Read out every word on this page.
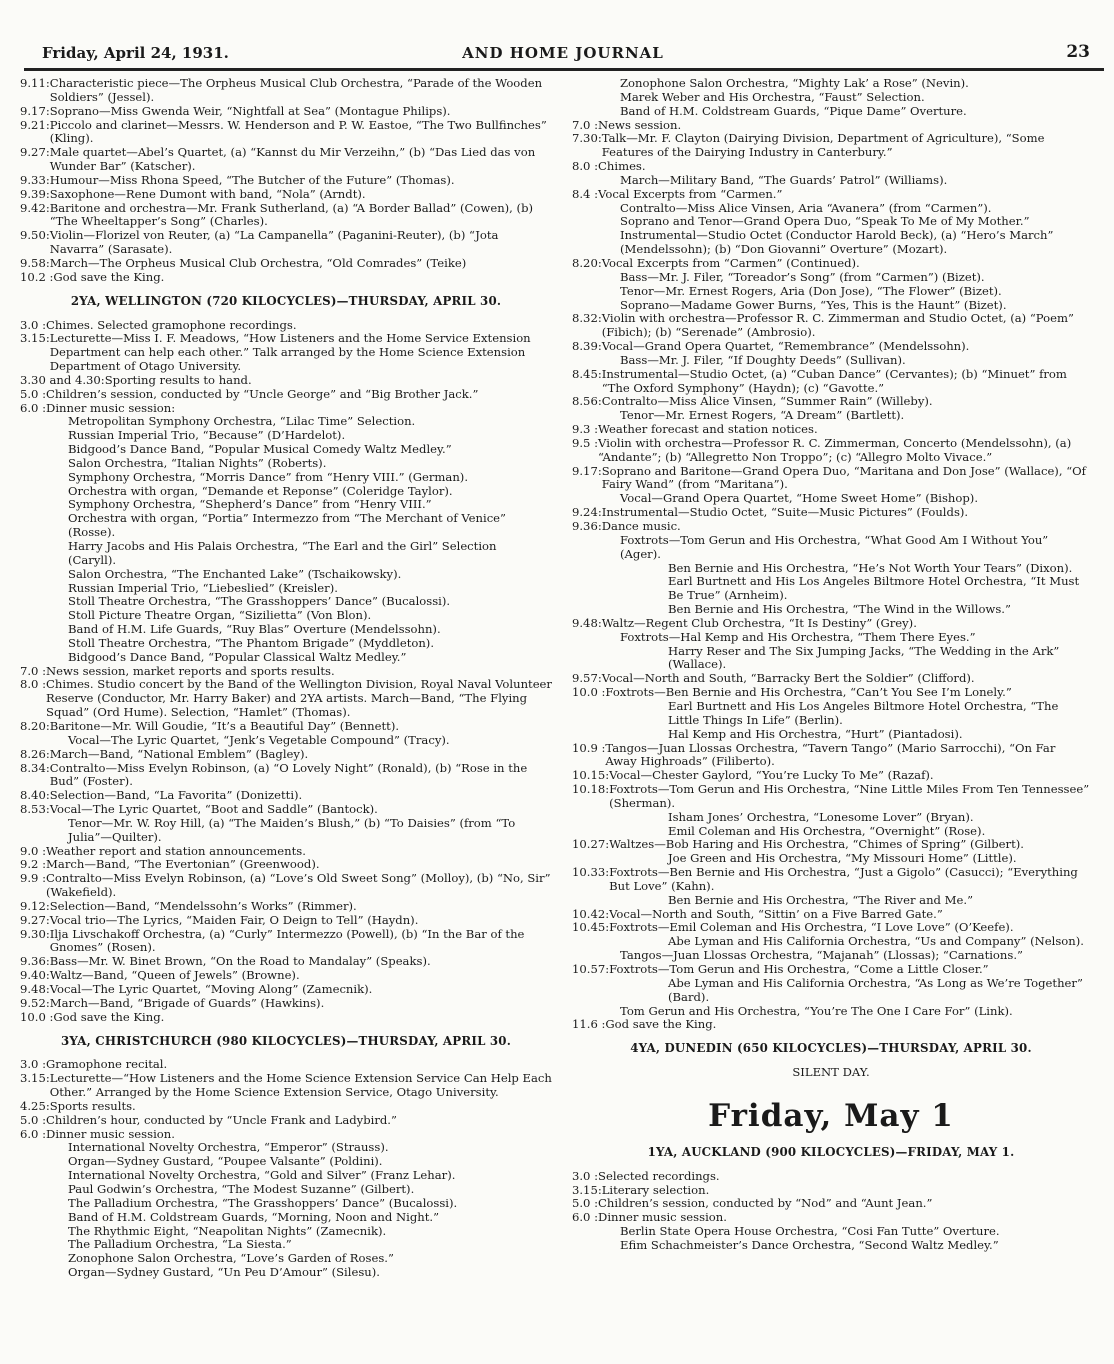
Friday, April 24, 1931.	AND HOME JOURNAL	23
9.11: Characteristic piece—The Orpheus Musical Club Orchestra, “Parade of the Wooden Soldiers” (Jessel).
9.17: Soprano—Miss Gwenda Weir, “Nightfall at Sea” (Montague Philips).
9.21: Piccolo and clarinet—Messrs. W. Henderson and P. W. Eastoe, “The Two Bullfinches” (Kling).
9.27: Male quartet—Abel’s Quartet, (a) “Kannst du Mir Verzeihn,” (b) “Das Lied das von Wunder Bar” (Katscher).
9.33: Humour—Miss Rhona Speed, “The Butcher of the Future” (Thomas).
9.39: Saxophone—Rene Dumont with band, “Nola” (Arndt).
9.42: Baritone and orchestra—Mr. Frank Sutherland, (a) “A Border Ballad” (Cowen), (b) “The Wheeltapper’s Song” (Charles).
9.50: Violin—Florizel von Reuter, (a) “La Campanella” (Paganini-Reuter), (b) “Jota Navarra” (Sarasate).
9.58: March—The Orpheus Musical Club Orchestra, “Old Comrades” (Teike)
10.2 : God save the King.
2YA, WELLINGTON (720 KILOCYCLES)—THURSDAY, APRIL 30.
3.0 : Chimes. Selected gramophone recordings.
3.15: Lecturette—Miss I. F. Meadows, “How Listeners and the Home Service Extension Department can help each other.” Talk arranged by the Home Science Extension Department of Otago University.
3.30 and 4.30: Sporting results to hand.
5.0 : Children’s session, conducted by “Uncle George” and “Big Brother Jack.”
6.0 : Dinner music session:
Metropolitan Symphony Orchestra, “Lilac Time” Selection.
Russian Imperial Trio, “Because” (D’Hardelot).
Bidgood’s Dance Band, “Popular Musical Comedy Waltz Medley.”
Salon Orchestra, “Italian Nights” (Roberts).
Symphony Orchestra, “Morris Dance” from “Henry VIII.” (German).
Orchestra with organ, “Demande et Reponse” (Coleridge Taylor).
Symphony Orchestra, “Shepherd’s Dance” from “Henry VIII.”
Orchestra with organ, “Portia” Intermezzo from “The Merchant of Venice” (Rosse).
Harry Jacobs and His Palais Orchestra, “The Earl and the Girl” Selection (Caryll).
Salon Orchestra, “The Enchanted Lake” (Tschaikowsky).
Russian Imperial Trio, “Liebeslied” (Kreisler).
Stoll Theatre Orchestra, “The Grasshoppers’ Dance” (Bucalossi).
Stoll Picture Theatre Organ, “Sizilietta” (Von Blon).
Band of H.M. Life Guards, “Ruy Blas” Overture (Mendelssohn).
Stoll Theatre Orchestra, “The Phantom Brigade” (Myddleton).
Bidgood’s Dance Band, “Popular Classical Waltz Medley.”
7.0 : News session, market reports and sports results.
8.0 : Chimes. Studio concert by the Band of the Wellington Division, Royal Naval Volunteer Reserve (Conductor, Mr. Harry Baker) and 2YA artists. March—Band, “The Flying Squad” (Ord Hume). Selection, “Hamlet” (Thomas).
8.20: Baritone—Mr. Will Goudie, “It’s a Beautiful Day” (Bennett).
Vocal—The Lyric Quartet, “Jenk’s Vegetable Compound” (Tracy).
8.26: March—Band, “National Emblem” (Bagley).
8.34: Contralto—Miss Evelyn Robinson, (a) “O Lovely Night” (Ronald), (b) “Rose in the Bud” (Foster).
8.40: Selection—Band, “La Favorita” (Donizetti).
8.53: Vocal—The Lyric Quartet, “Boot and Saddle” (Bantock).
Tenor—Mr. W. Roy Hill, (a) “The Maiden’s Blush,” (b) “To Daisies” (from “To Julia”—Quilter).
9.0 : Weather report and station announcements.
9.2 : March—Band, “The Evertonian” (Greenwood).
9.9 : Contralto—Miss Evelyn Robinson, (a) “Love’s Old Sweet Song” (Molloy), (b) “No, Sir” (Wakefield).
9.12: Selection—Band, “Mendelssohn’s Works” (Rimmer).
9.27: Vocal trio—The Lyrics, “Maiden Fair, O Deign to Tell” (Haydn).
9.30: Ilja Livschakoff Orchestra, (a) “Curly” Intermezzo (Powell), (b) “In the Bar of the Gnomes” (Rosen).
9.36: Bass—Mr. W. Binet Brown, “On the Road to Mandalay” (Speaks).
9.40: Waltz—Band, “Queen of Jewels” (Browne).
9.48: Vocal—The Lyric Quartet, “Moving Along” (Zamecnik).
9.52: March—Band, “Brigade of Guards” (Hawkins).
10.0 : God save the King.
3YA, CHRISTCHURCH (980 KILOCYCLES)—THURSDAY, APRIL 30.
3.0 : Gramophone recital.
3.15: Lecturette—“How Listeners and the Home Science Extension Service Can Help Each Other.” Arranged by the Home Science Extension Service, Otago University.
4.25: Sports results.
5.0 : Children’s hour, conducted by “Uncle Frank and Ladybird.”
6.0 : Dinner music session.
International Novelty Orchestra, “Emperor” (Strauss).
Organ—Sydney Gustard, “Poupee Valsante” (Poldini).
International Novelty Orchestra, “Gold and Silver” (Franz Lehar).
Paul Godwin’s Orchestra, “The Modest Suzanne” (Gilbert).
The Palladium Orchestra, “The Grasshoppers’ Dance” (Bucalossi).
Band of H.M. Coldstream Guards, “Morning, Noon and Night.”
The Rhythmic Eight, “Neapolitan Nights” (Zamecnik).
The Palladium Orchestra, “La Siesta.”
Zonophone Salon Orchestra, “Love’s Garden of Roses.”
Organ—Sydney Gustard, “Un Peu D’Amour” (Silesu).
Zonophone Salon Orchestra, “Mighty Lak’ a Rose” (Nevin).
Marek Weber and His Orchestra, “Faust” Selection.
Band of H.M. Coldstream Guards, “Pique Dame” Overture.
7.0 : News session.
7.30: Talk—Mr. F. Clayton (Dairying Division, Department of Agriculture), “Some Features of the Dairying Industry in Canterbury.”
8.0 : Chimes.
March—Military Band, “The Guards’ Patrol” (Williams).
8.4 : Vocal Excerpts from “Carmen.”
Contralto—Miss Alice Vinsen, Aria “Avanera” (from “Carmen”).
Soprano and Tenor—Grand Opera Duo, “Speak To Me of My Mother.”
Instrumental—Studio Octet (Conductor Harold Beck), (a) “Hero’s March” (Mendelssohn); (b) “Don Giovanni” Overture” (Mozart).
8.20: Vocal Excerpts from “Carmen” (Continued).
Bass—Mr. J. Filer, “Toreador’s Song” (from “Carmen”) (Bizet).
Tenor—Mr. Ernest Rogers, Aria (Don Jose), “The Flower” (Bizet).
Soprano—Madame Gower Burns, “Yes, This is the Haunt” (Bizet).
8.32: Violin with orchestra—Professor R. C. Zimmerman and Studio Octet, (a) “Poem” (Fibich); (b) “Serenade” (Ambrosio).
8.39: Vocal—Grand Opera Quartet, “Remembrance” (Mendelssohn).
Bass—Mr. J. Filer, “If Doughty Deeds” (Sullivan).
8.45: Instrumental—Studio Octet, (a) “Cuban Dance” (Cervantes); (b) “Minuet” from “The Oxford Symphony” (Haydn); (c) “Gavotte.”
8.56: Contralto—Miss Alice Vinsen, “Summer Rain” (Willeby).
Tenor—Mr. Ernest Rogers, “A Dream” (Bartlett).
9.3 : Weather forecast and station notices.
9.5 : Violin with orchestra—Professor R. C. Zimmerman, Concerto (Mendelssohn), (a) “Andante”; (b) “Allegretto Non Troppo”; (c) “Allegro Molto Vivace.”
9.17: Soprano and Baritone—Grand Opera Duo, “Maritana and Don Jose” (Wallace), “Of Fairy Wand” (from “Maritana”).
Vocal—Grand Opera Quartet, “Home Sweet Home” (Bishop).
9.24: Instrumental—Studio Octet, “Suite—Music Pictures” (Foulds).
9.36: Dance music.
Foxtrots—Tom Gerun and His Orchestra, “What Good Am I Without You” (Ager).
Ben Bernie and His Orchestra, “He’s Not Worth Your Tears” (Dixon).
Earl Burtnett and His Los Angeles Biltmore Hotel Orchestra, “It Must Be True” (Arnheim).
Ben Bernie and His Orchestra, “The Wind in the Willows.”
9.48: Waltz—Regent Club Orchestra, “It Is Destiny” (Grey).
Foxtrots—Hal Kemp and His Orchestra, “Them There Eyes.”
Harry Reser and The Six Jumping Jacks, “The Wedding in the Ark” (Wallace).
9.57: Vocal—North and South, “Barracky Bert the Soldier” (Clifford).
10.0 : Foxtrots—Ben Bernie and His Orchestra, “Can’t You See I’m Lonely.”
Earl Burtnett and His Los Angeles Biltmore Hotel Orchestra, “The Little Things In Life” (Berlin).
Hal Kemp and His Orchestra, “Hurt” (Piantadosi).
10.9 : Tangos—Juan Llossas Orchestra, “Tavern Tango” (Mario Sarrocchi), “On Far Away Highroads” (Filiberto).
10.15: Vocal—Chester Gaylord, “You’re Lucky To Me” (Razaf).
10.18: Foxtrots—Tom Gerun and His Orchestra, “Nine Little Miles From Ten Tennessee” (Sherman).
Isham Jones’ Orchestra, “Lonesome Lover” (Bryan).
Emil Coleman and His Orchestra, “Overnight” (Rose).
10.27: Waltzes—Bob Haring and His Orchestra, “Chimes of Spring” (Gilbert).
Joe Green and His Orchestra, “My Missouri Home” (Little).
10.33: Foxtrots—Ben Bernie and His Orchestra, “Just a Gigolo” (Casucci); “Everything But Love” (Kahn).
Ben Bernie and His Orchestra, “The River and Me.”
10.42: Vocal—North and South, “Sittin’ on a Five Barred Gate.”
10.45: Foxtrots—Emil Coleman and His Orchestra, “I Love Love” (O’Keefe).
Abe Lyman and His California Orchestra, “Us and Company” (Nelson).
Tangos—Juan Llossas Orchestra, “Majanah” (Llossas); “Carnations.”
10.57: Foxtrots—Tom Gerun and His Orchestra, “Come a Little Closer.”
Abe Lyman and His California Orchestra, “As Long as We’re Together” (Bard).
Tom Gerun and His Orchestra, “You’re The One I Care For” (Link).
11.6 : God save the King.
4YA, DUNEDIN (650 KILOCYCLES)—THURSDAY, APRIL 30.
SILENT DAY.
Friday, May 1
1YA, AUCKLAND (900 KILOCYCLES)—FRIDAY, MAY 1.
3.0 : Selected recordings.
3.15: Literary selection.
5.0 : Children’s session, conducted by “Nod” and “Aunt Jean.”
6.0 : Dinner music session.
Berlin State Opera House Orchestra, “Cosi Fan Tutte” Overture.
Efim Schachmeister’s Dance Orchestra, “Second Waltz Medley.”
